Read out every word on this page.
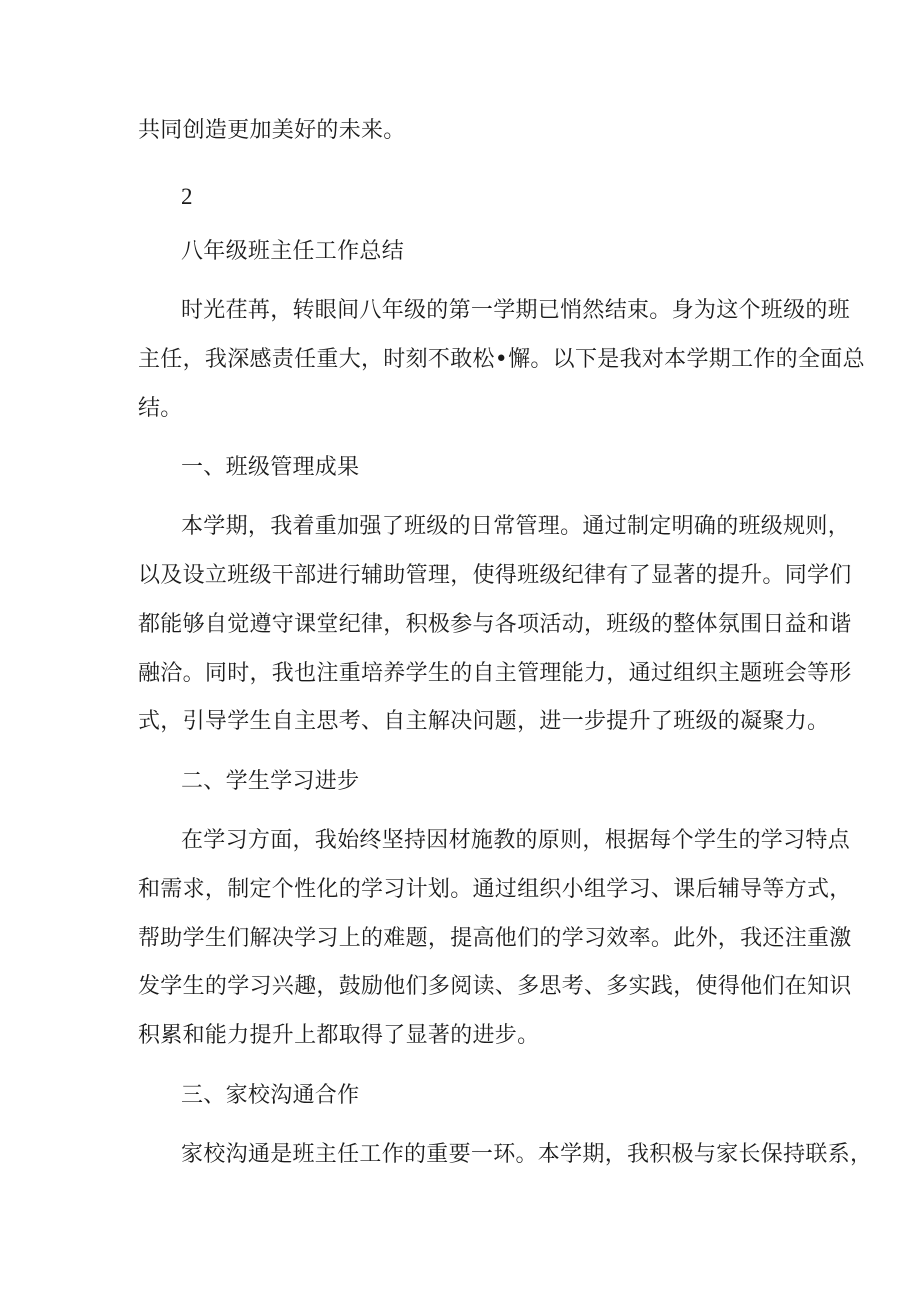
共同创造更加美好的未来。
2
八年级班主任工作总结
时光荏苒，转眼间八年级的第一学期已悄然结束。身为这个班级的班
主任，我深感责任重大，时刻不敢松•懈。以下是我对本学期工作的全面总
结。
一、班级管理成果
本学期，我着重加强了班级的日常管理。通过制定明确的班级规则，
以及设立班级干部进行辅助管理，使得班级纪律有了显著的提升。同学们
都能够自觉遵守课堂纪律，积极参与各项活动，班级的整体氛围日益和谐
融洽。同时，我也注重培养学生的自主管理能力，通过组织主题班会等形
式，引导学生自主思考、自主解决问题，进一步提升了班级的凝聚力。
二、学生学习进步
在学习方面，我始终坚持因材施教的原则，根据每个学生的学习特点
和需求，制定个性化的学习计划。通过组织小组学习、课后辅导等方式，
帮助学生们解决学习上的难题，提高他们的学习效率。此外，我还注重激
发学生的学习兴趣，鼓励他们多阅读、多思考、多实践，使得他们在知识
积累和能力提升上都取得了显著的进步。
三、家校沟通合作
家校沟通是班主任工作的重要一环。本学期，我积极与家长保持联系，
